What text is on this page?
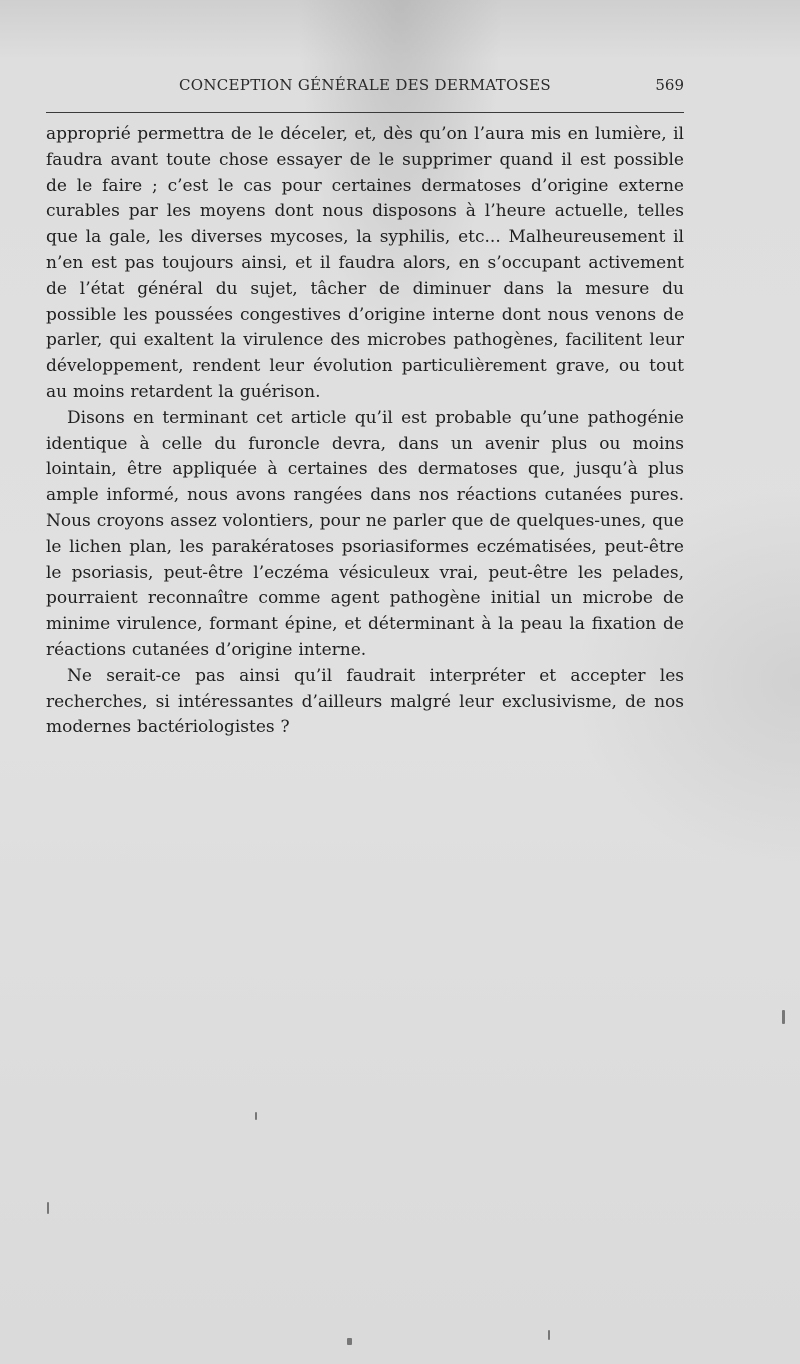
CONCEPTION GÉNÉRALE DES DERMATOSES	569

approprié permettra de le déceler, et, dès qu’on l’aura mis en lumière, il faudra avant toute chose essayer de le supprimer quand il est possible de le faire ; c’est le cas pour certaines dermatoses d’origine externe curables par les moyens dont nous disposons à l’heure actuelle, telles que la gale, les diverses mycoses, la syphilis, etc... Malheureusement il n’en est pas toujours ainsi, et il faudra alors, en s’occupant activement de l’état général du sujet, tâcher de diminuer dans la mesure du possible les poussées congestives d’origine interne dont nous venons de parler, qui exaltent la virulence des microbes pathogènes, facilitent leur développement, rendent leur évolution particulièrement grave, ou tout au moins retardent la guérison.

Disons en terminant cet article qu’il est probable qu’une pathogénie identique à celle du furoncle devra, dans un avenir plus ou moins lointain, être appliquée à certaines des dermatoses que, jusqu’à plus ample informé, nous avons rangées dans nos réactions cutanées pures. Nous croyons assez volontiers, pour ne parler que de quelques-unes, que le lichen plan, les parakératoses psoriasiformes eczématisées, peut-être le psoriasis, peut-être l’eczéma vésiculeux vrai, peut-être les pelades, pourraient reconnaître comme agent pathogène initial un microbe de minime virulence, formant épine, et déterminant à la peau la fixation de réactions cutanées d’origine interne.

Ne serait-ce pas ainsi qu’il faudrait interpréter et accepter les recherches, si intéressantes d’ailleurs malgré leur exclusivisme, de nos modernes bactériologistes ?
